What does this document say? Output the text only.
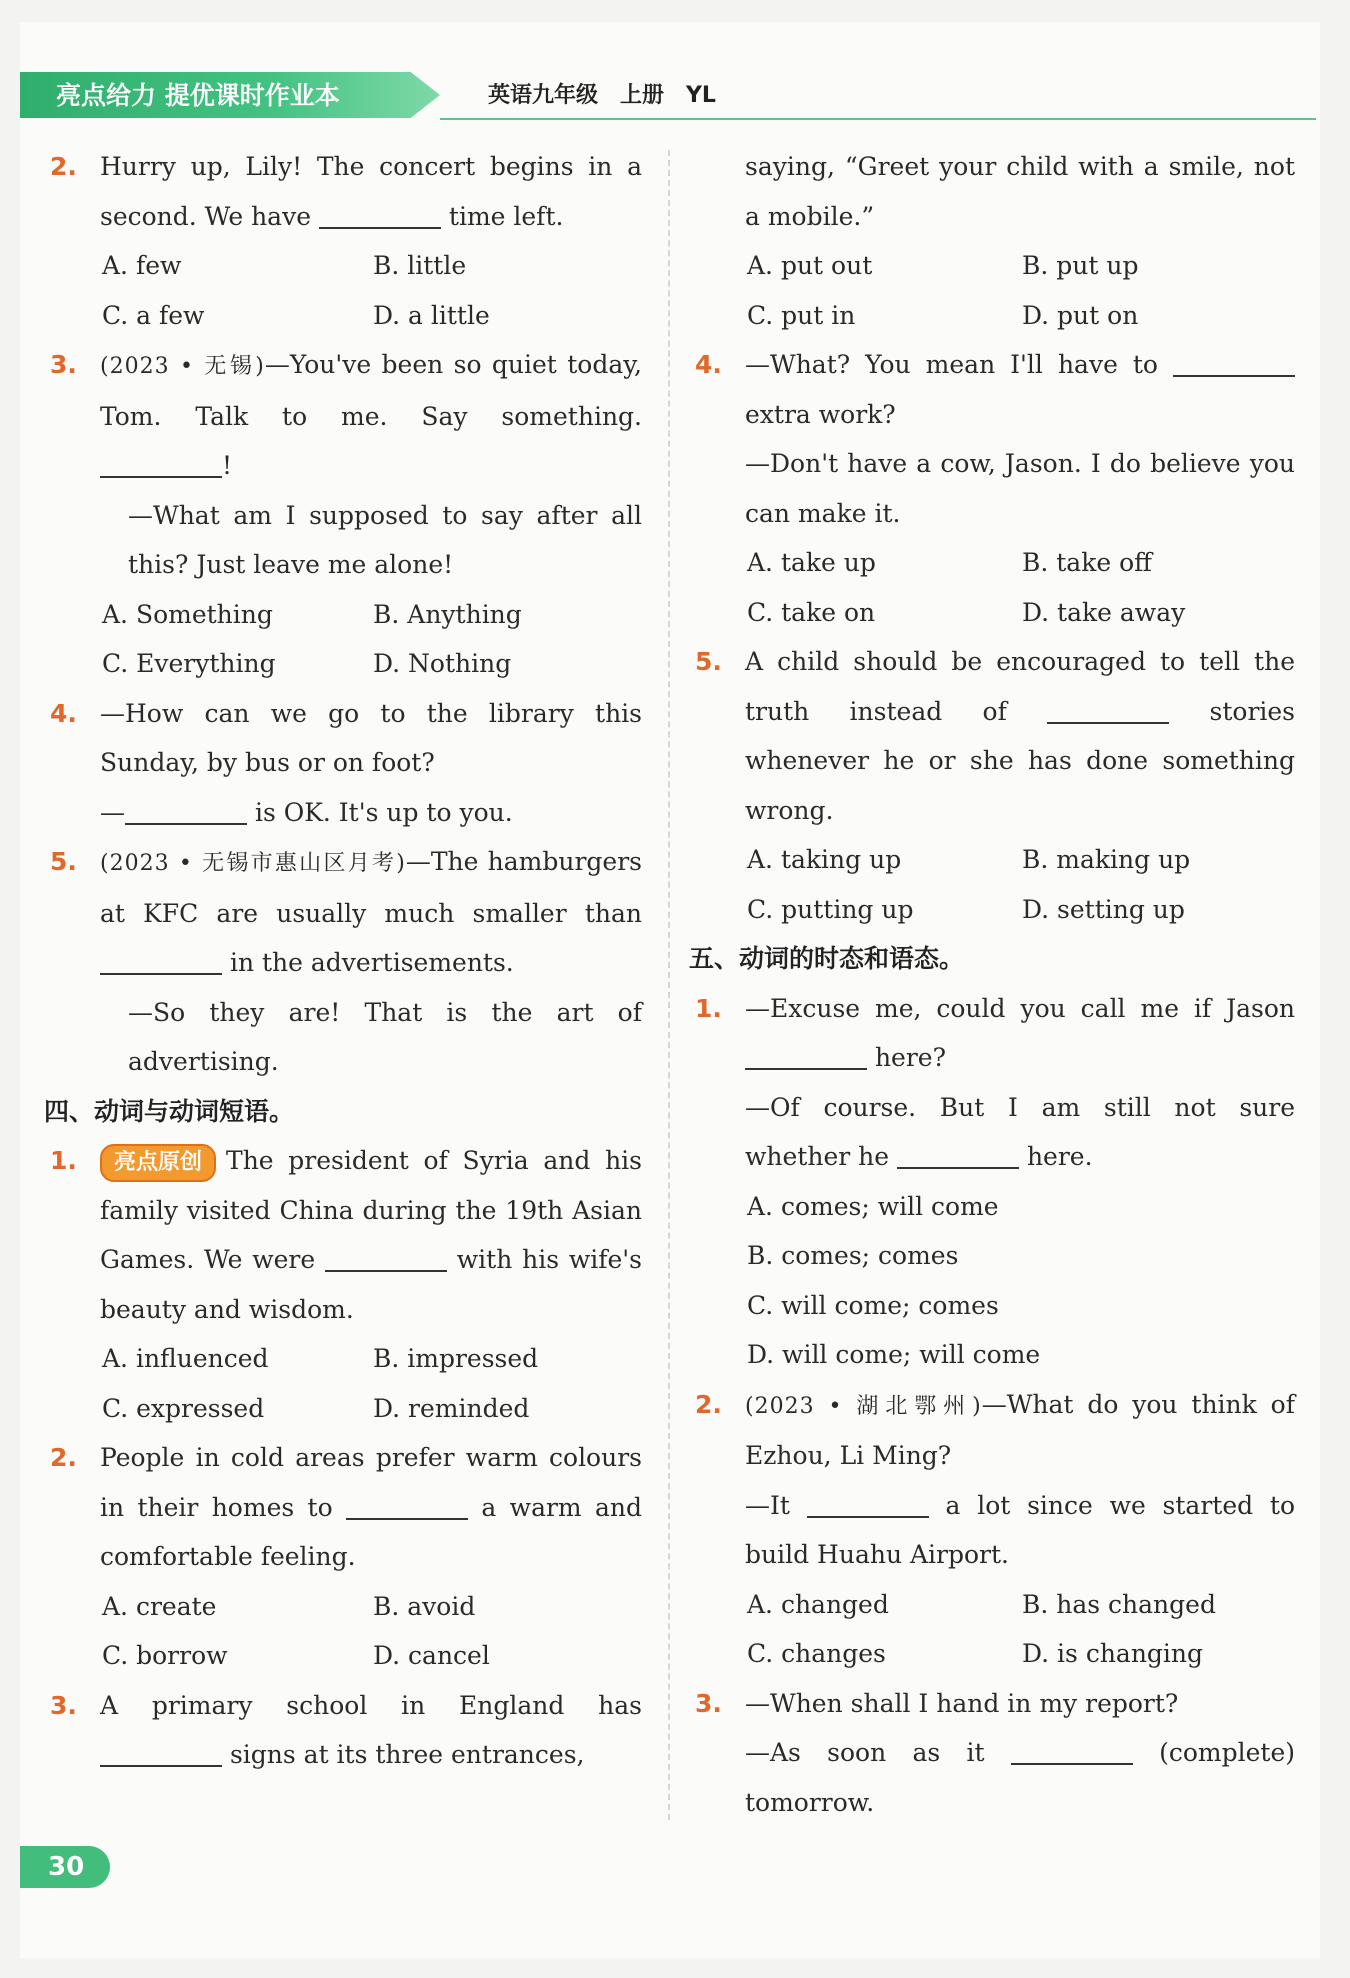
亮点给力 提优课时作业本	英语九年级　上册　YL
2. Hurry up, Lily! The concert begins in a second. We have	time left.
A. few	B. little
C. a few	D. a little
3. (2023 • 无锡)—You've been so quiet today, Tom. Talk to me. Say something. !
—What am I supposed to say after all this? Just leave me alone!
A. Something	B. Anything
C. Everything	D. Nothing
4. —How can we go to the library this Sunday, by bus or on foot?
—	is OK. It's up to you.
5. (2023 • 无锡市惠山区月考)—The hamburgers at KFC are usually much smaller than  in the advertisements.
—So they are! That is the art of advertising.
四、动词与动词短语。
1.	亮点原创 The president of Syria and his family visited China during the 19th Asian Games. We were	with his wife's beauty and wisdom.
A. influenced	B. impressed
C. expressed	D. reminded
2. People in cold areas prefer warm colours in their homes to	a warm and comfortable feeling.
A. create	B. avoid
C. borrow	D. cancel
3. A primary school in England has  signs at its three entrances,
saying, “Greet your child with a smile, not a mobile.”
A. put out	B. put up
C. put in	D. put on
4. —What? You mean I'll have to  extra work?
—Don't have a cow, Jason. I do believe you can make it.
A. take up	B. take off
C. take on	D. take away
5. A child should be encouraged to tell the truth instead of	stories whenever he or she has done something wrong.
A. taking up	B. making up
C. putting up	D. setting up
五、动词的时态和语态。
1. —Excuse me, could you call me if Jason  here?
—Of course. But I am still not sure whether he	here.
A. comes; will come
B. comes; comes
C. will come; comes
D. will come; will come
2. (2023 • 湖北鄂州)—What do you think of Ezhou, Li Ming?
—It	a lot since we started to build Huahu Airport.
A. changed	B. has changed
C. changes	D. is changing
3. —When shall I hand in my report?
—As soon as it	(complete) tomorrow.
30
